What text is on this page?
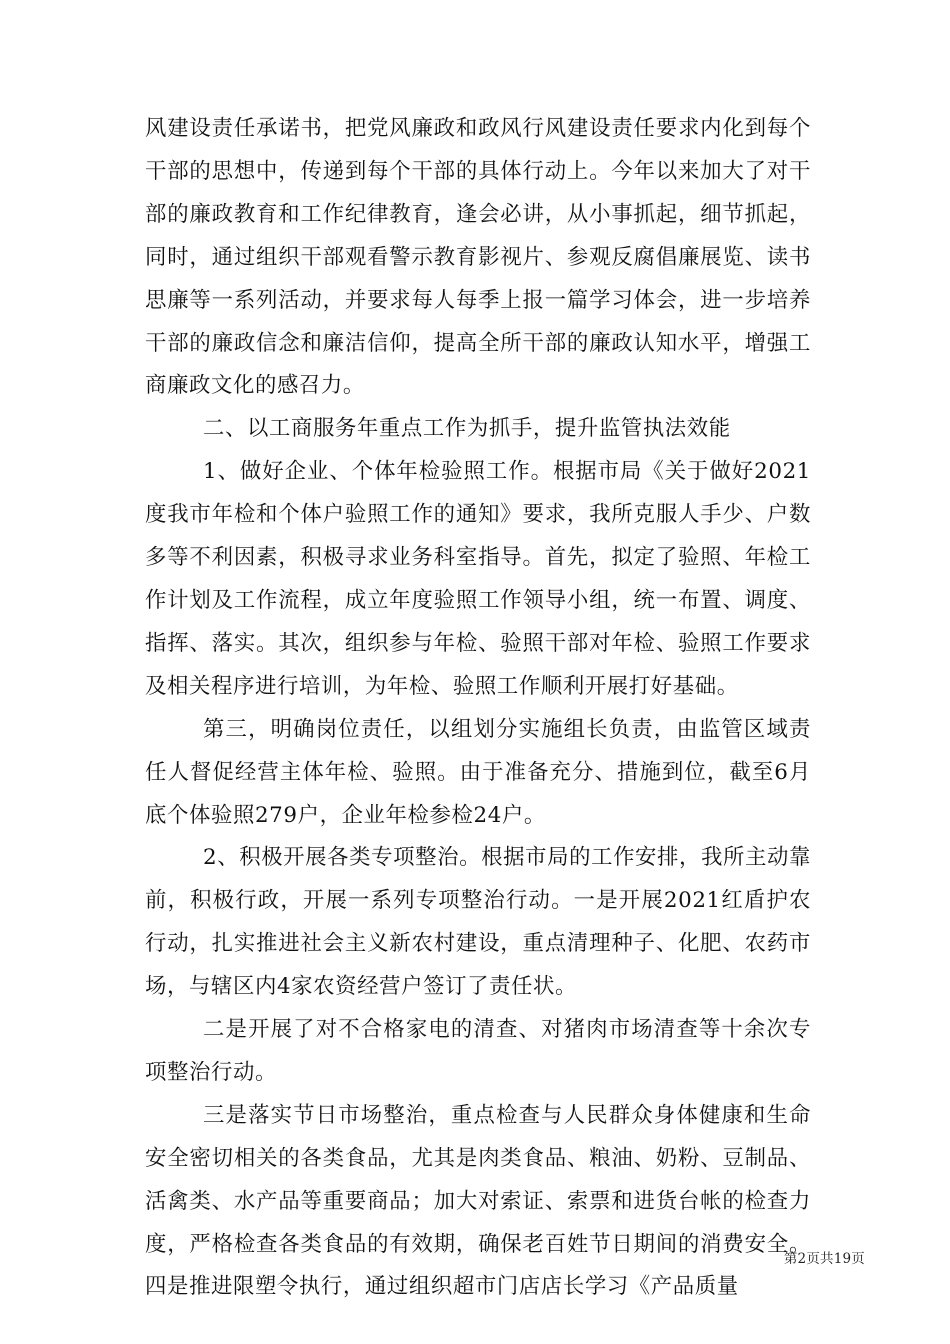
风建设责任承诺书，把党风廉政和政风行风建设责任要求内化到每个干部的思想中，传递到每个干部的具体行动上。今年以来加大了对干部的廉政教育和工作纪律教育，逢会必讲，从小事抓起，细节抓起，同时，通过组织干部观看警示教育影视片、参观反腐倡廉展览、读书思廉等一系列活动，并要求每人每季上报一篇学习体会，进一步培养干部的廉政信念和廉洁信仰，提高全所干部的廉政认知水平，增强工商廉政文化的感召力。

二、以工商服务年重点工作为抓手，提升监管执法效能

1、做好企业、个体年检验照工作。根据市局《关于做好2021度我市年检和个体户验照工作的通知》要求，我所克服人手少、户数多等不利因素，积极寻求业务科室指导。首先，拟定了验照、年检工作计划及工作流程，成立年度验照工作领导小组，统一布置、调度、指挥、落实。其次，组织参与年检、验照干部对年检、验照工作要求及相关程序进行培训，为年检、验照工作顺利开展打好基础。

第三，明确岗位责任，以组划分实施组长负责，由监管区域责任人督促经营主体年检、验照。由于准备充分、措施到位，截至6月底个体验照279户，企业年检参检24户。

2、积极开展各类专项整治。根据市局的工作安排，我所主动靠前，积极行政，开展一系列专项整治行动。一是开展2021红盾护农行动，扎实推进社会主义新农村建设，重点清理种子、化肥、农药市场，与辖区内4家农资经营户签订了责任状。

二是开展了对不合格家电的清查、对猪肉市场清查等十余次专项整治行动。

三是落实节日市场整治，重点检查与人民群众身体健康和生命安全密切相关的各类食品，尤其是肉类食品、粮油、奶粉、豆制品、活禽类、水产品等重要商品；加大对索证、索票和进货台帐的检查力度，严格检查各类食品的有效期，确保老百姓节日期间的消费安全。四是推进限塑令执行，通过组织超市门店店长学习《产品质量

第2页共19页
